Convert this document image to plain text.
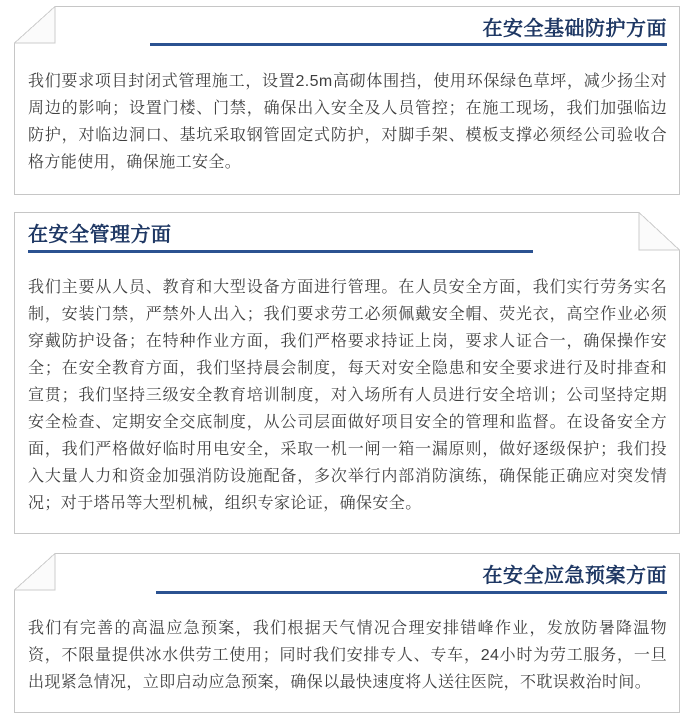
在安全基础防护方面

我们要求项目封闭式管理施工，设置2.5m高砌体围挡，使用环保绿色草坪，减少扬尘对周边的影响；设置门楼、门禁，确保出入安全及人员管控；在施工现场，我们加强临边防护，对临边洞口、基坑采取钢管固定式防护，对脚手架、模板支撑必须经公司验收合格方能使用，确保施工安全。

在安全管理方面

我们主要从人员、教育和大型设备方面进行管理。在人员安全方面，我们实行劳务实名制，安装门禁，严禁外人出入；我们要求劳工必须佩戴安全帽、荧光衣，高空作业必须穿戴防护设备；在特种作业方面，我们严格要求持证上岗，要求人证合一，确保操作安全；在安全教育方面，我们坚持晨会制度，每天对安全隐患和安全要求进行及时排查和宣贯；我们坚持三级安全教育培训制度，对入场所有人员进行安全培训；公司坚持定期安全检查、定期安全交底制度，从公司层面做好项目安全的管理和监督。在设备安全方面，我们严格做好临时用电安全，采取一机一闸一箱一漏原则，做好逐级保护；我们投入大量人力和资金加强消防设施配备，多次举行内部消防演练，确保能正确应对突发情况；对于塔吊等大型机械，组织专家论证，确保安全。

在安全应急预案方面

我们有完善的高温应急预案，我们根据天气情况合理安排错峰作业，发放防暑降温物资，不限量提供冰水供劳工使用；同时我们安排专人、专车，24小时为劳工服务，一旦出现紧急情况，立即启动应急预案，确保以最快速度将人送往医院，不耽误救治时间。
